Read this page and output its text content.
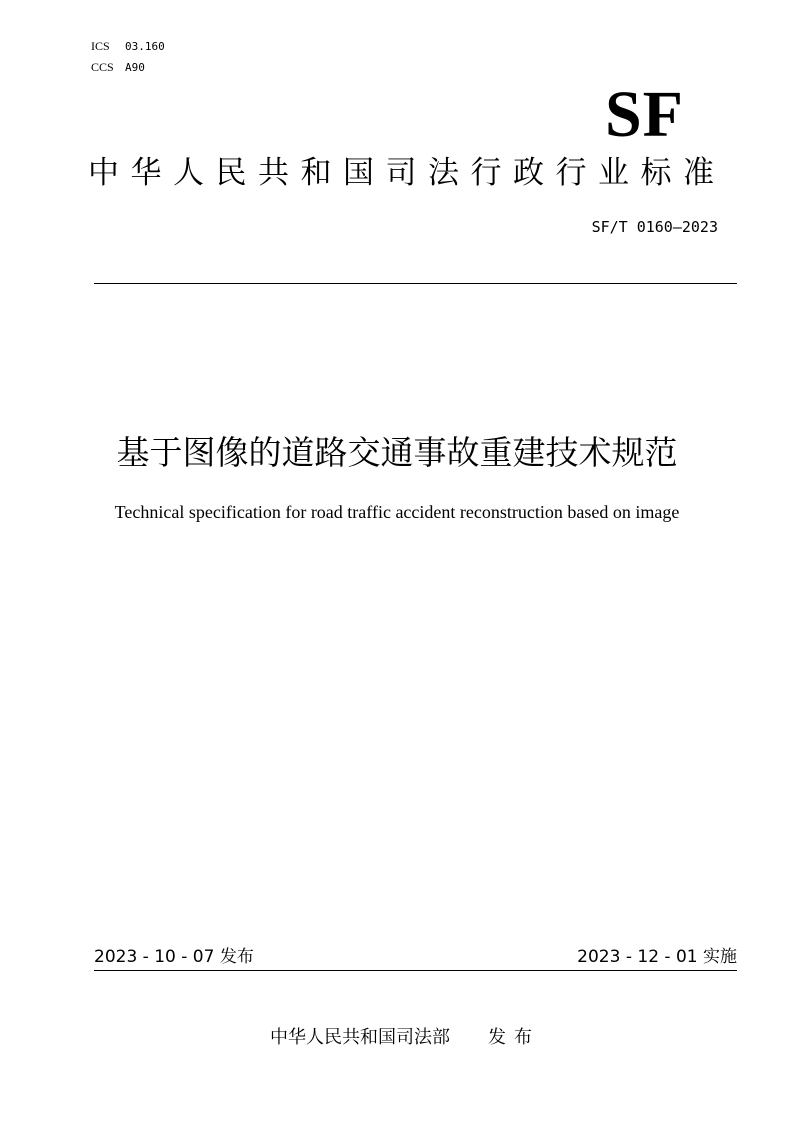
ICS 03.160
CCS A90
SF
中华人民共和国司法行政行业标准
SF/T 0160—2023
基于图像的道路交通事故重建技术规范
Technical specification for road traffic accident reconstruction based on image
2023 - 10 - 07 发布	2023 - 12 - 01 实施
中华人民共和国司法部 发布
